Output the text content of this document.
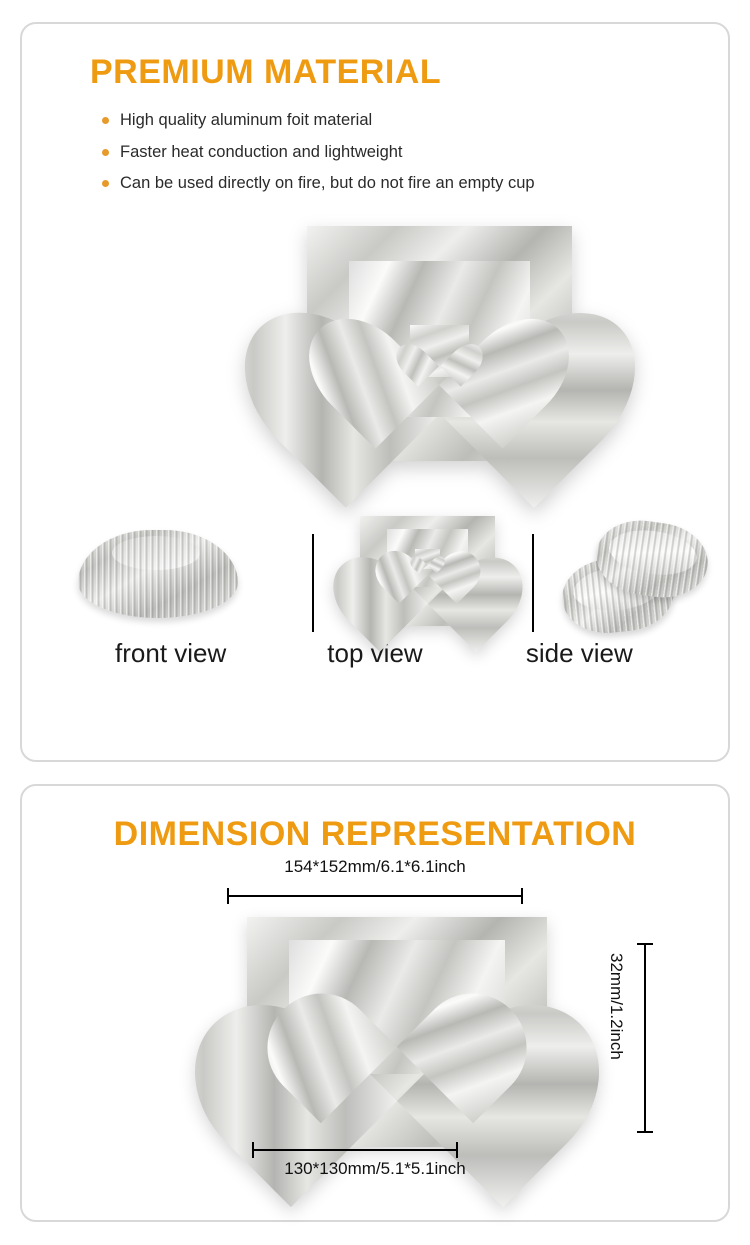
PREMIUM MATERIAL
High quality aluminum foit material
Faster heat conduction and lightweight
Can be used directly on fire, but do not fire an empty cup
front view	top view	side view
DIMENSION REPRESENTATION
154*152mm/6.1*6.1inch
32mm/1.2inch
130*130mm/5.1*5.1inch
